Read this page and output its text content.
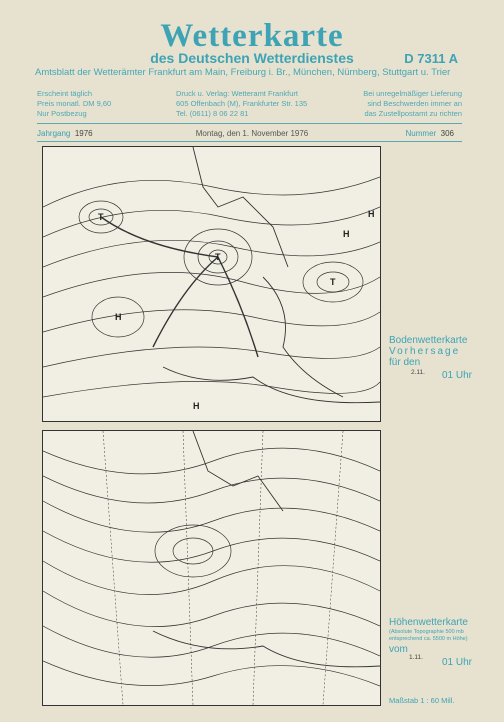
Wetterkarte
des Deutschen Wetterdienstes	D 7311 A
Amtsblatt der Wetterämter Frankfurt am Main, Freiburg i. Br., München, Nürnberg, Stuttgart u. Trier
Erscheint täglich
Preis monatl. DM 9,60
Nur Postbezug
Druck u. Verlag: Wetteramt Frankfurt
605 Offenbach (M), Frankfurter Str. 135
Tel. (0611) 8 06 22 81
Bei unregelmäßiger Lieferung
sind Beschwerden immer an
das Zustellpostamt zu richten
Jahrgang 1976	Montag, den 1. November 1976	Nummer 306
T
T
T
H
H
H
H
Bodenwetterkarte
Vorhersage
für den
2.11. 01 Uhr
Höhenwetterkarte
(Absolute Topographie 500 mb
entsprechend ca. 5500 m Höhe)
vom
1.11. 01 Uhr
Maßstab 1 : 60 Mill.
